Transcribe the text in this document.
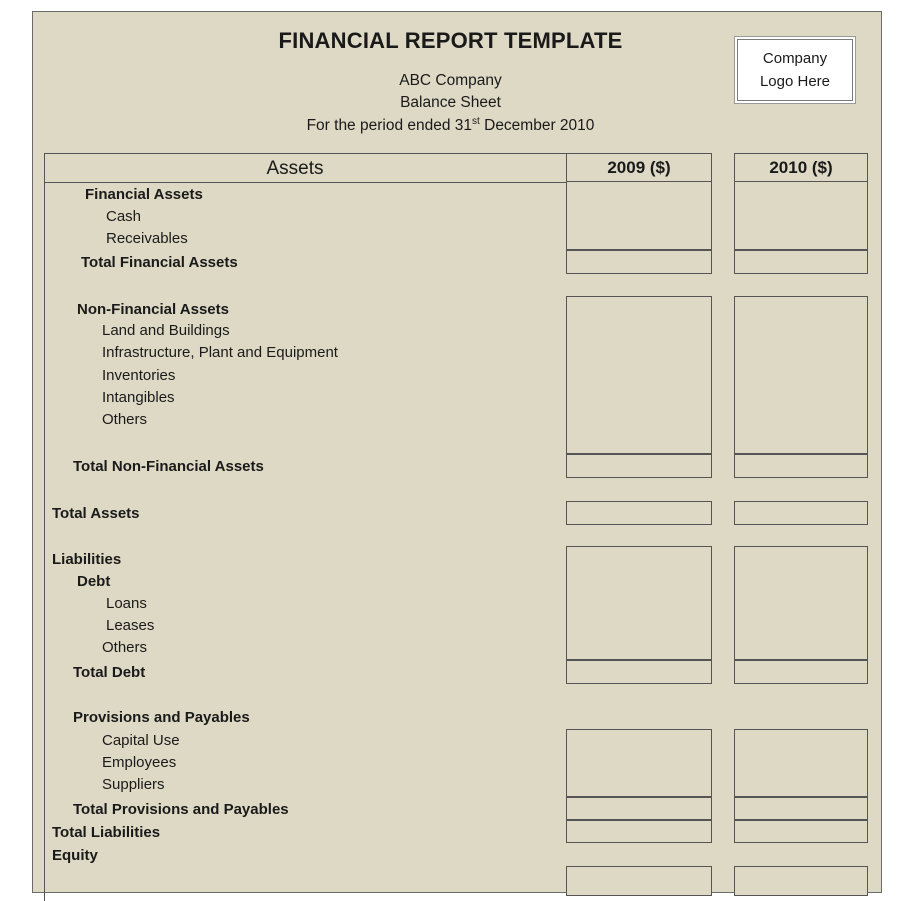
FINANCIAL REPORT TEMPLATE
ABC Company
Balance Sheet
For the period ended 31st December 2010
Company
Logo Here
Assets	2009 ($)	2010 ($)
Financial Assets
Cash
Receivables
Total Financial Assets
Non-Financial Assets
Land and Buildings
Infrastructure, Plant and Equipment
Inventories
Intangibles
Others
Total Non-Financial Assets
Total Assets
Liabilities
Debt
Loans
Leases
Others
Total Debt
Provisions and Payables
Capital Use
Employees
Suppliers
Total Provisions and Payables
Total Liabilities
Equity
